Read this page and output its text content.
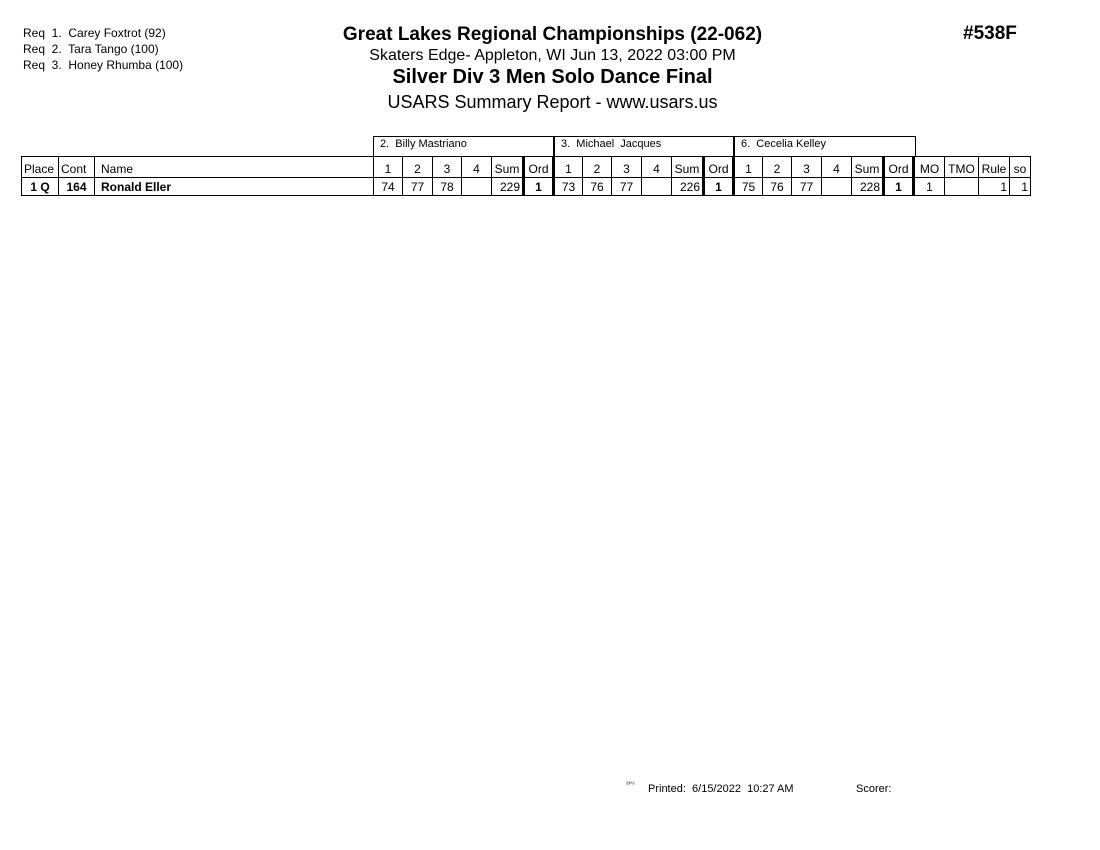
Req  1.  Carey Foxtrot (92)
Req  2.  Tara Tango (100)
Req  3.  Honey Rhumba (100)
Great Lakes Regional Championships (22-062)
Skaters Edge- Appleton, WI Jun 13, 2022 03:00 PM
Silver Div 3 Men Solo Dance Final
USARS Summary Report - www.usars.us
#538F
2.  Billy Mastriano	3.  Michael  Jacques	6.  Cecelia Kelley
Place	Cont	Name	1	2	3	4	Sum	Ord	1	2	3	4	Sum	Ord	1	2	3	4	Sum	Ord	MO	TMO	Rule	so
1 Q	164	Ronald Eller	74	77	78		229	1	73	76	77		226	1	75	76	77		228	1	1		1	1
²³°³ Printed:  6/15/2022  10:27 AM	Scorer:
